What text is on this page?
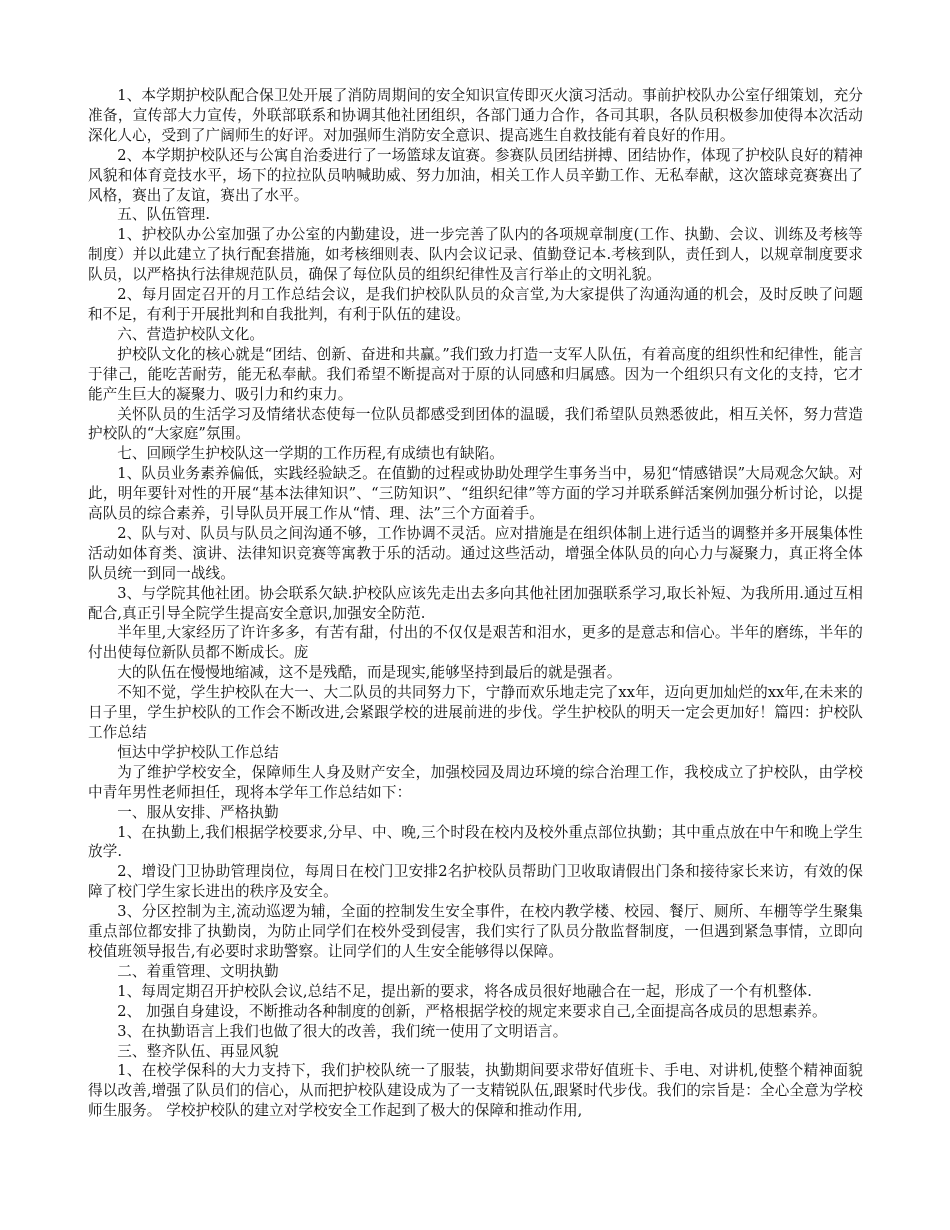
1、本学期护校队配合保卫处开展了消防周期间的安全知识宣传即灭火演习活动。事前护校队办公室仔细策划，充分准备，宣传部大力宣传，外联部联系和协调其他社团组织，各部门通力合作，各司其职，各队员积极参加使得本次活动深化人心，受到了广阔师生的好评。对加强师生消防安全意识、提高逃生自救技能有着良好的作用。

2、本学期护校队还与公寓自治委进行了一场篮球友谊赛。参赛队员团结拼搏、团结协作，体现了护校队良好的精神风貌和体育竞技水平，场下的拉拉队员呐喊助威、努力加油，相关工作人员辛勤工作、无私奉献，这次篮球竞赛赛出了风格，赛出了友谊，赛出了水平。

五、队伍管理.

1、护校队办公室加强了办公室的内勤建设，进一步完善了队内的各项规章制度(工作、执勤、会议、训练及考核等制度）并以此建立了执行配套措施，如考核细则表、队内会议记录、值勤登记本.考核到队，责任到人，以规章制度要求队员，以严格执行法律规范队员，确保了每位队员的组织纪律性及言行举止的文明礼貌。

2、每月固定召开的月工作总结会议，是我们护校队队员的众言堂,为大家提供了沟通沟通的机会，及时反映了问题和不足，有利于开展批判和自我批判，有利于队伍的建设。

六、营造护校队文化。

护校队文化的核心就是“团结、创新、奋进和共赢。”我们致力打造一支军人队伍，有着高度的组织性和纪律性，能言于律己，能吃苦耐劳，能无私奉献。我们希望不断提高对于原的认同感和归属感。因为一个组织只有文化的支持，它才能产生巨大的凝聚力、吸引力和约束力。

关怀队员的生活学习及情绪状态使每一位队员都感受到团体的温暖，我们希望队员熟悉彼此，相互关怀，努力营造护校队的“大家庭”氛围。

七、回顾学生护校队这一学期的工作历程,有成绩也有缺陷。

1、队员业务素养偏低，实践经验缺乏。在值勤的过程或协助处理学生事务当中，易犯“情感错误”大局观念欠缺。对此，明年要针对性的开展“基本法律知识”、“三防知识”、“组织纪律”等方面的学习并联系鲜活案例加强分析讨论，以提高队员的综合素养，引导队员开展工作从“情、理、法”三个方面着手。

2、队与对、队员与队员之间沟通不够，工作协调不灵活。应对措施是在组织体制上进行适当的调整并多开展集体性活动如体育类、演讲、法律知识竞赛等寓教于乐的活动。通过这些活动，增强全体队员的向心力与凝聚力，真正将全体队员统一到同一战线。

3、与学院其他社团。协会联系欠缺.护校队应该先走出去多向其他社团加强联系学习,取长补短、为我所用.通过互相配合,真正引导全院学生提高安全意识,加强安全防范.

半年里,大家经历了许许多多，有苦有甜，付出的不仅仅是艰苦和泪水，更多的是意志和信心。半年的磨练，半年的付出使每位新队员都不断成长。庞

大的队伍在慢慢地缩减，这不是残酷，而是现实,能够坚持到最后的就是强者。

不知不觉，学生护校队在大一、大二队员的共同努力下，宁静而欢乐地走完了xx年，迈向更加灿烂的xx年,在未来的日子里，学生护校队的工作会不断改进,会紧跟学校的进展前进的步伐。学生护校队的明天一定会更加好！篇四：护校队工作总结

恒达中学护校队工作总结

为了维护学校安全，保障师生人身及财产安全，加强校园及周边环境的综合治理工作，我校成立了护校队，由学校中青年男性老师担任，现将本学年工作总结如下：

一、服从安排、严格执勤

1、在执勤上,我们根据学校要求,分早、中、晚,三个时段在校内及校外重点部位执勤；其中重点放在中午和晚上学生放学.

2、增设门卫协助管理岗位，每周日在校门卫安排2名护校队员帮助门卫收取请假出门条和接待家长来访，有效的保障了校门学生家长进出的秩序及安全。

3、分区控制为主,流动巡逻为辅，全面的控制发生安全事件，在校内教学楼、校园、餐厅、厕所、车棚等学生聚集重点部位都安排了执勤岗，为防止同学们在校外受到侵害，我们实行了队员分散监督制度，一但遇到紧急事情，立即向校值班领导报告,有必要时求助警察。让同学们的人生安全能够得以保障。

二、着重管理、文明执勤

1、每周定期召开护校队会议,总结不足，提出新的要求，将各成员很好地融合在一起，形成了一个有机整体.

2、 加强自身建设，不断推动各种制度的创新，严格根据学校的规定来要求自己,全面提高各成员的思想素养。

3、在执勤语言上我们也做了很大的改善，我们统一使用了文明语言。

三、整齐队伍、再显风貌

1、在校学保科的大力支持下，我们护校队统一了服装，执勤期间要求带好值班卡、手电、对讲机,使整个精神面貌得以改善,增强了队员们的信心，从而把护校队建设成为了一支精锐队伍,跟紧时代步伐。我们的宗旨是：全心全意为学校师生服务。 学校护校队的建立对学校安全工作起到了极大的保障和推动作用,
